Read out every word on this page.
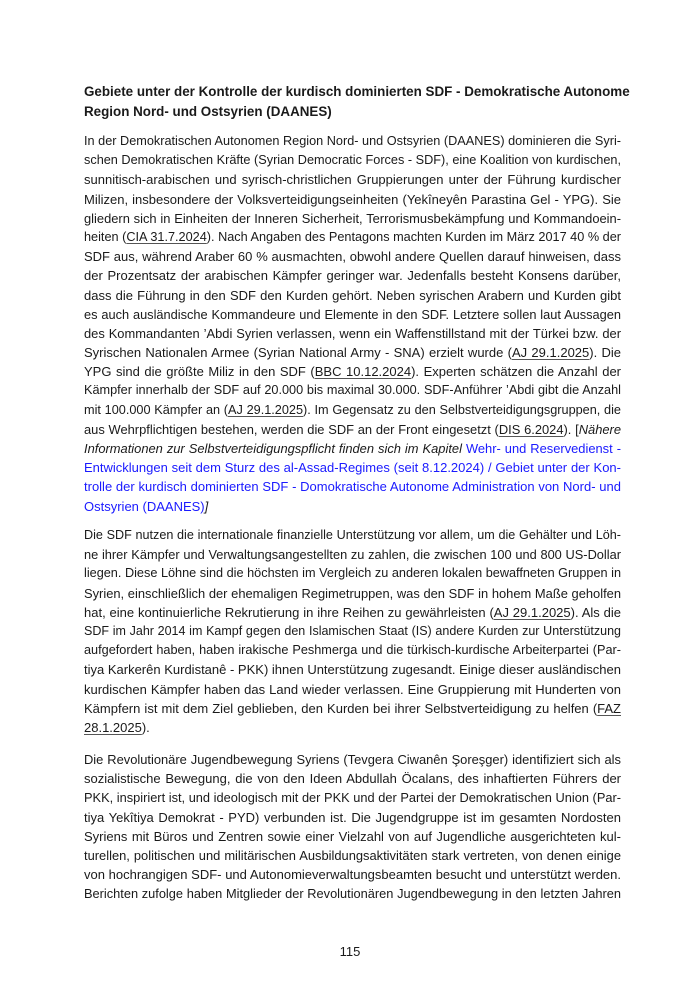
Gebiete unter der Kontrolle der kurdisch dominierten SDF - Demokratische Autonome
Region Nord- und Ostsyrien (DAANES)
In der Demokratischen Autonomen Region Nord- und Ostsyrien (DAANES) dominieren die Syri-
schen Demokratischen Kräfte (Syrian Democratic Forces - SDF), eine Koalition von kurdischen,
sunnitisch-arabischen und syrisch-christlichen Gruppierungen unter der Führung kurdischer
Milizen, insbesondere der Volksverteidigungseinheiten (Yekîneyên Parastina Gel - YPG). Sie
gliedern sich in Einheiten der Inneren Sicherheit, Terrorismusbekämpfung und Kommandoein-
heiten (CIA 31.7.2024). Nach Angaben des Pentagons machten Kurden im März 2017 40 % der
SDF aus, während Araber 60 % ausmachten, obwohl andere Quellen darauf hinweisen, dass
der Prozentsatz der arabischen Kämpfer geringer war. Jedenfalls besteht Konsens darüber,
dass die Führung in den SDF den Kurden gehört. Neben syrischen Arabern und Kurden gibt
es auch ausländische Kommandeure und Elemente in den SDF. Letztere sollen laut Aussagen
des Kommandanten ’Abdi Syrien verlassen, wenn ein Waffenstillstand mit der Türkei bzw. der
Syrischen Nationalen Armee (Syrian National Army - SNA) erzielt wurde (AJ 29.1.2025). Die
YPG sind die größte Miliz in den SDF (BBC 10.12.2024). Experten schätzen die Anzahl der
Kämpfer innerhalb der SDF auf 20.000 bis maximal 30.000. SDF-Anführer ’Abdi gibt die Anzahl
mit 100.000 Kämpfer an (AJ 29.1.2025). Im Gegensatz zu den Selbstverteidigungsgruppen, die
aus Wehrpflichtigen bestehen, werden die SDF an der Front eingesetzt (DIS 6.2024). [Nähere
Informationen zur Selbstverteidigungspflicht finden sich im Kapitel Wehr- und Reservedienst -
Entwicklungen seit dem Sturz des al-Assad-Regimes (seit 8.12.2024) / Gebiet unter der Kon-
trolle der kurdisch dominierten SDF - Domokratische Autonome Administration von Nord- und
Ostsyrien (DAANES)]
Die SDF nutzen die internationale finanzielle Unterstützung vor allem, um die Gehälter und Löh-
ne ihrer Kämpfer und Verwaltungsangestellten zu zahlen, die zwischen 100 und 800 US-Dollar
liegen. Diese Löhne sind die höchsten im Vergleich zu anderen lokalen bewaffneten Gruppen in
Syrien, einschließlich der ehemaligen Regimetruppen, was den SDF in hohem Maße geholfen
hat, eine kontinuierliche Rekrutierung in ihre Reihen zu gewährleisten (AJ 29.1.2025). Als die
SDF im Jahr 2014 im Kampf gegen den Islamischen Staat (IS) andere Kurden zur Unterstützung
aufgefordert haben, haben irakische Peshmerga und die türkisch-kurdische Arbeiterpartei (Par-
tiya Karkerên Kurdistanê - PKK) ihnen Unterstützung zugesandt. Einige dieser ausländischen
kurdischen Kämpfer haben das Land wieder verlassen. Eine Gruppierung mit Hunderten von
Kämpfern ist mit dem Ziel geblieben, den Kurden bei ihrer Selbstverteidigung zu helfen (FAZ
28.1.2025).
Die Revolutionäre Jugendbewegung Syriens (Tevgera Ciwanên Şoreşger) identifiziert sich als
sozialistische Bewegung, die von den Ideen Abdullah Öcalans, des inhaftierten Führers der
PKK, inspiriert ist, und ideologisch mit der PKK und der Partei der Demokratischen Union (Par-
tiya Yekîtiya Demokrat - PYD) verbunden ist. Die Jugendgruppe ist im gesamten Nordosten
Syriens mit Büros und Zentren sowie einer Vielzahl von auf Jugendliche ausgerichteten kul-
turellen, politischen und militärischen Ausbildungsaktivitäten stark vertreten, von denen einige
von hochrangigen SDF- und Autonomieverwaltungsbeamten besucht und unterstützt werden.
Berichten zufolge haben Mitglieder der Revolutionären Jugendbewegung in den letzten Jahren
115
